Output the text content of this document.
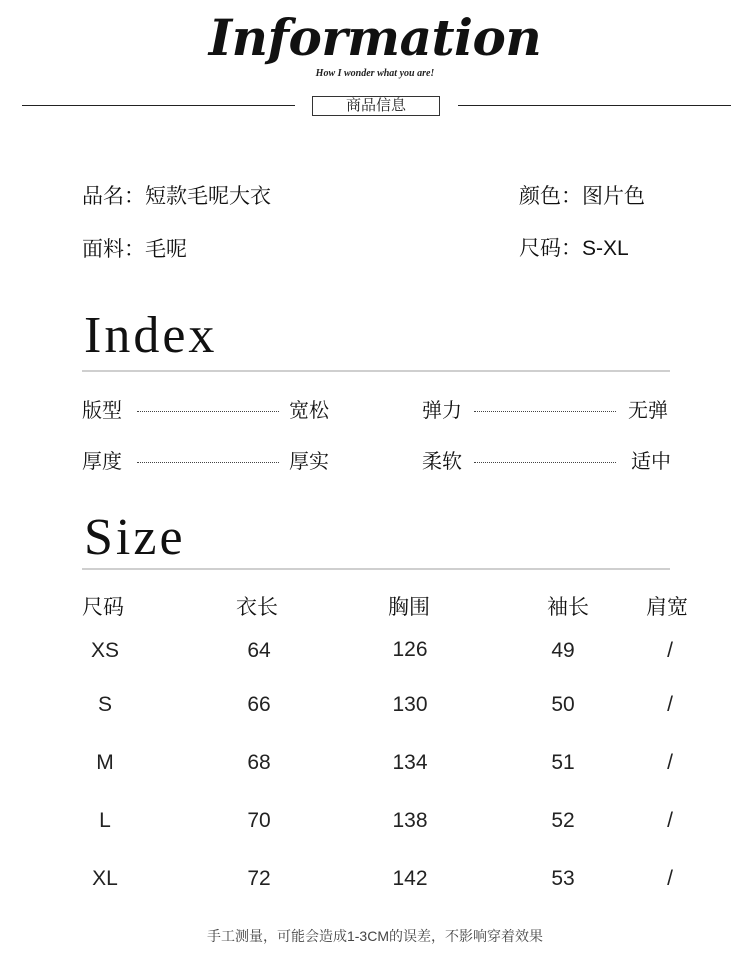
Information
How I wonder what you are!
商品信息
品名：短款毛呢大衣	颜色：图片色
面料：毛呢	尺码：S-XL
Index
版型	宽松	弹力	无弹
厚度	厚实	柔软	适中
Size
尺码	衣长	胸围	袖长	肩宽
XS	64	126	49	/
S	66	130	50	/
M	68	134	51	/
L	70	138	52	/
XL	72	142	53	/
手工测量，可能会造成1-3CM的误差，不影响穿着效果
